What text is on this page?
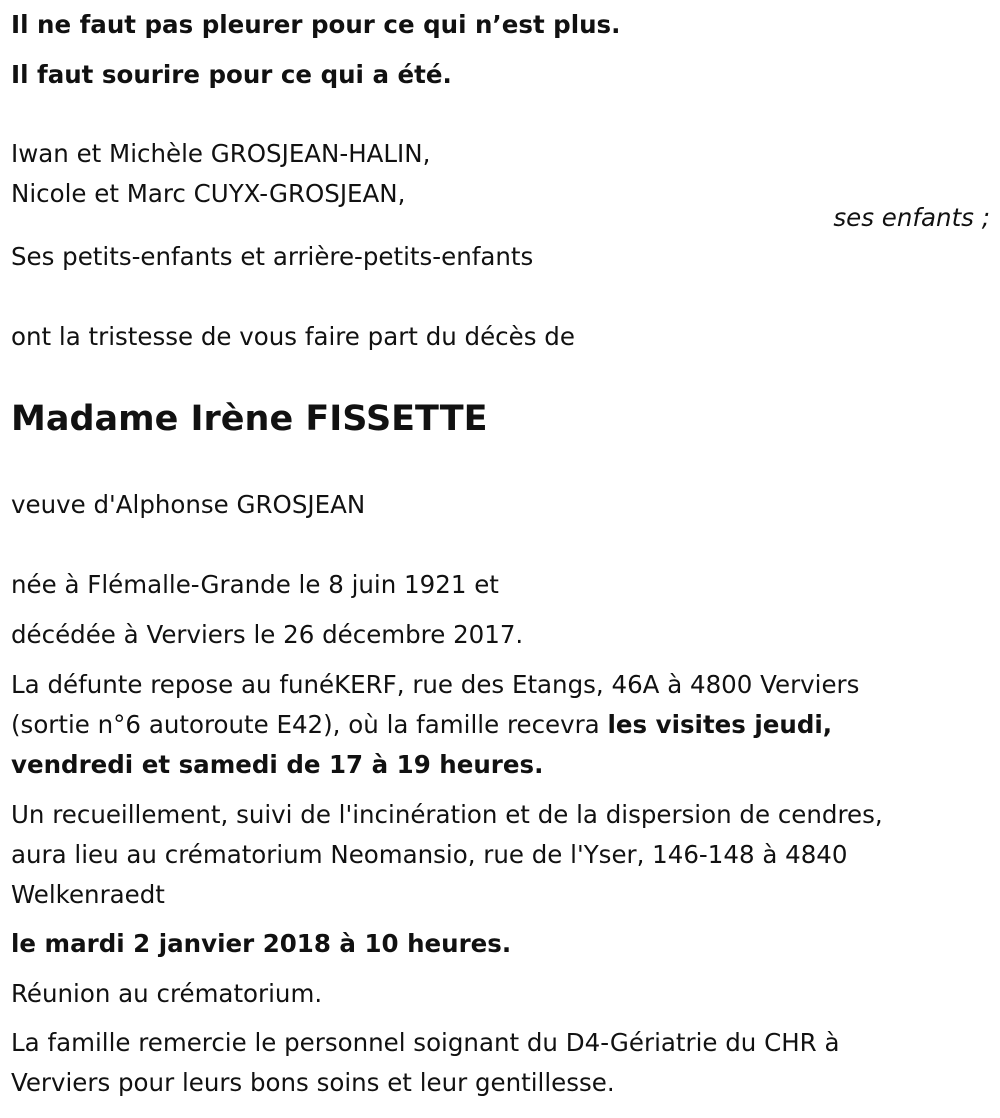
Il ne faut pas pleurer pour ce qui n’est plus.
Il faut sourire pour ce qui a été.
Iwan et Michèle GROSJEAN-HALIN,
Nicole et Marc CUYX-GROSJEAN,
ses enfants ;
Ses petits-enfants et arrière-petits-enfants
ont la tristesse de vous faire part du décès de
Madame Irène FISSETTE
veuve d'Alphonse GROSJEAN
née à Flémalle-Grande le 8 juin 1921 et
décédée à Verviers le 26 décembre 2017.
La défunte repose au funéKERF, rue des Etangs, 46A à 4800 Verviers
(sortie n°6 autoroute E42), où la famille recevra les visites jeudi,
vendredi et samedi de 17 à 19 heures.
Un recueillement, suivi de l'incinération et de la dispersion de cendres,
aura lieu au crématorium Neomansio, rue de l'Yser, 146-148 à 4840
Welkenraedt
le mardi 2 janvier 2018 à 10 heures.
Réunion au crématorium.
La famille remercie le personnel soignant du D4-Gériatrie du CHR à
Verviers pour leurs bons soins et leur gentillesse.
